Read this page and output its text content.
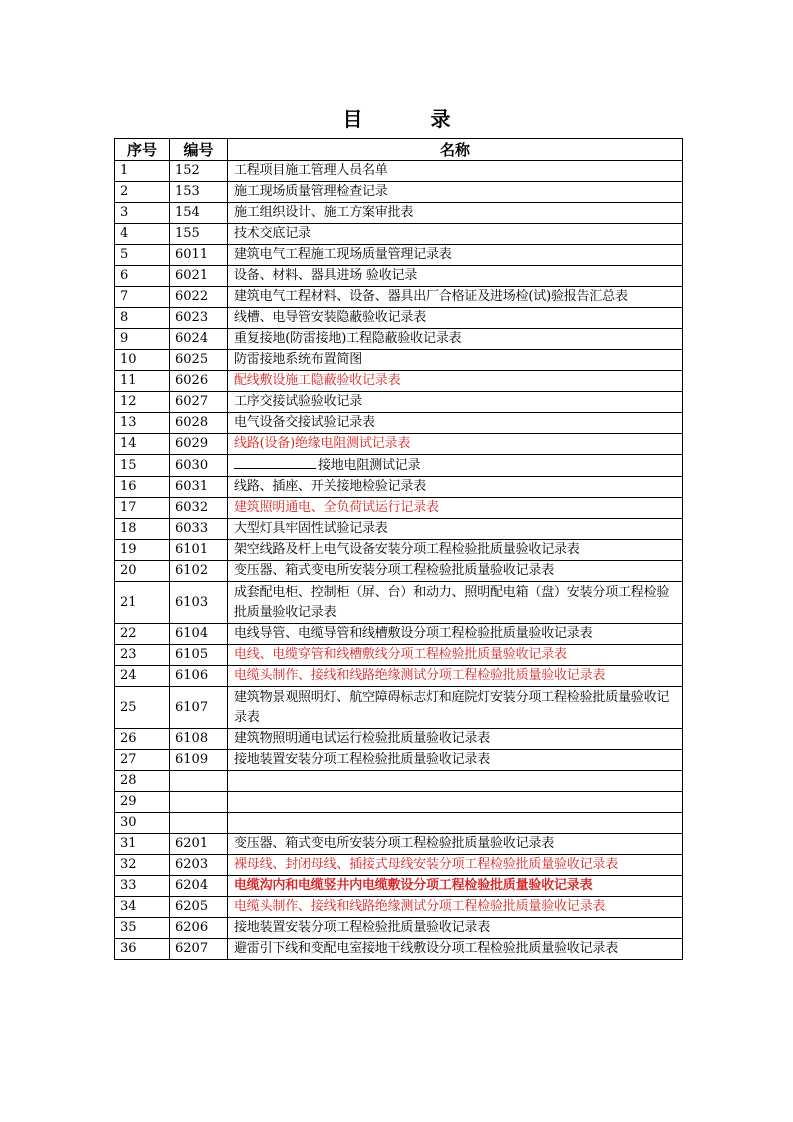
目	录
序号	编号	名称
1	152	工程项目施工管理人员名单
2	153	施工现场质量管理检查记录
3	154	施工组织设计、施工方案审批表
4	155	技术交底记录
5	6011	建筑电气工程施工现场质量管理记录表
6	6021	设备、材料、器具进场 验收记录
7	6022	建筑电气工程材料、设备、器具出厂合格证及进场检(试)验报告汇总表
8	6023	线槽、电导管安装隐蔽验收记录表
9	6024	重复接地(防雷接地)工程隐蔽验收记录表
10	6025	防雷接地系统布置简图
11	6026	配线敷设施工隐蔽验收记录表
12	6027	工序交接试验验收记录
13	6028	电气设备交接试验记录表
14	6029	线路(设备)绝缘电阻测试记录表
15	6030	接地电阻测试记录
16	6031	线路、插座、开关接地检验记录表
17	6032	建筑照明通电、全负荷试运行记录表
18	6033	大型灯具牢固性试验记录表
19	6101	架空线路及杆上电气设备安装分项工程检验批质量验收记录表
20	6102	变压器、箱式变电所安装分项工程检验批质量验收记录表
21	6103	成套配电柜、控制柜（屏、台）和动力、照明配电箱（盘）安装分项工程检验批质量验收记录表
22	6104	电线导管、电缆导管和线槽敷设分项工程检验批质量验收记录表
23	6105	电线、电缆穿管和线槽敷线分项工程检验批质量验收记录表
24	6106	电缆头制作、接线和线路绝缘测试分项工程检验批质量验收记录表
25	6107	建筑物景观照明灯、航空障碍标志灯和庭院灯安装分项工程检验批质量验收记录表
26	6108	建筑物照明通电试运行检验批质量验收记录表
27	6109	接地装置安装分项工程检验批质量验收记录表
28		
29		
30		
31	6201	变压器、箱式变电所安装分项工程检验批质量验收记录表
32	6203	裸母线、封闭母线、插接式母线安装分项工程检验批质量验收记录表
33	6204	电缆沟内和电缆竖井内电缆敷设分项工程检验批质量验收记录表
34	6205	电缆头制作、接线和线路绝缘测试分项工程检验批质量验收记录表
35	6206	接地装置安装分项工程检验批质量验收记录表
36	6207	避雷引下线和变配电室接地干线敷设分项工程检验批质量验收记录表
